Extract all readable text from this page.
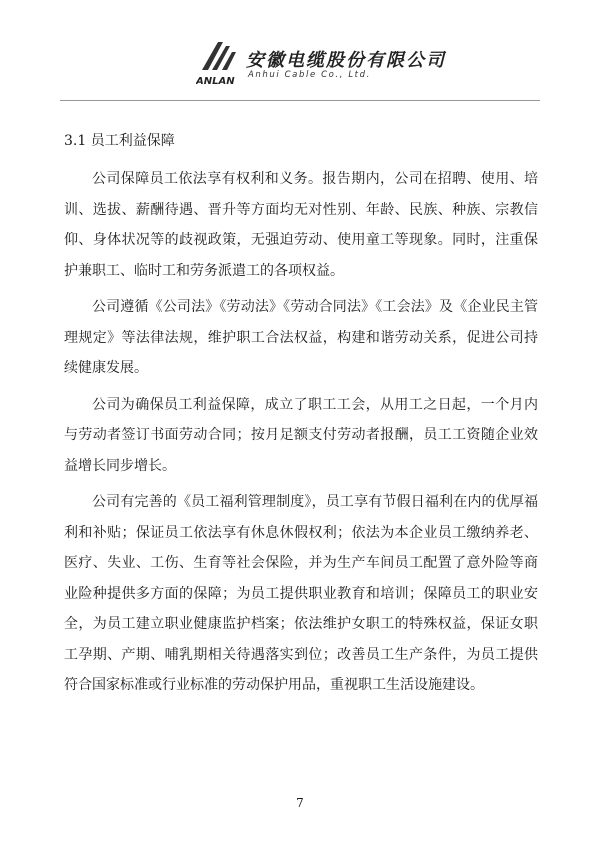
ANLAN
安徽电缆股份有限公司
Anhui Cable Co., Ltd.
3.1 员工利益保障

公司保障员工依法享有权利和义务。报告期内，公司在招聘、使用、培训、选拔、薪酬待遇、晋升等方面均无对性别、年龄、民族、种族、宗教信仰、身体状况等的歧视政策，无强迫劳动、使用童工等现象。同时，注重保护兼职工、临时工和劳务派遣工的各项权益。

公司遵循《公司法》《劳动法》《劳动合同法》《工会法》及《企业民主管理规定》等法律法规，维护职工合法权益，构建和谐劳动关系，促进公司持续健康发展。

公司为确保员工利益保障，成立了职工工会，从用工之日起，一个月内与劳动者签订书面劳动合同；按月足额支付劳动者报酬，员工工资随企业效益增长同步增长。

公司有完善的《员工福利管理制度》，员工享有节假日福利在内的优厚福利和补贴；保证员工依法享有休息休假权利；依法为本企业员工缴纳养老、医疗、失业、工伤、生育等社会保险，并为生产车间员工配置了意外险等商业险种提供多方面的保障；为员工提供职业教育和培训；保障员工的职业安全，为员工建立职业健康监护档案；依法维护女职工的特殊权益，保证女职工孕期、产期、哺乳期相关待遇落实到位；改善员工生产条件，为员工提供符合国家标准或行业标准的劳动保护用品，重视职工生活设施建设。

7
